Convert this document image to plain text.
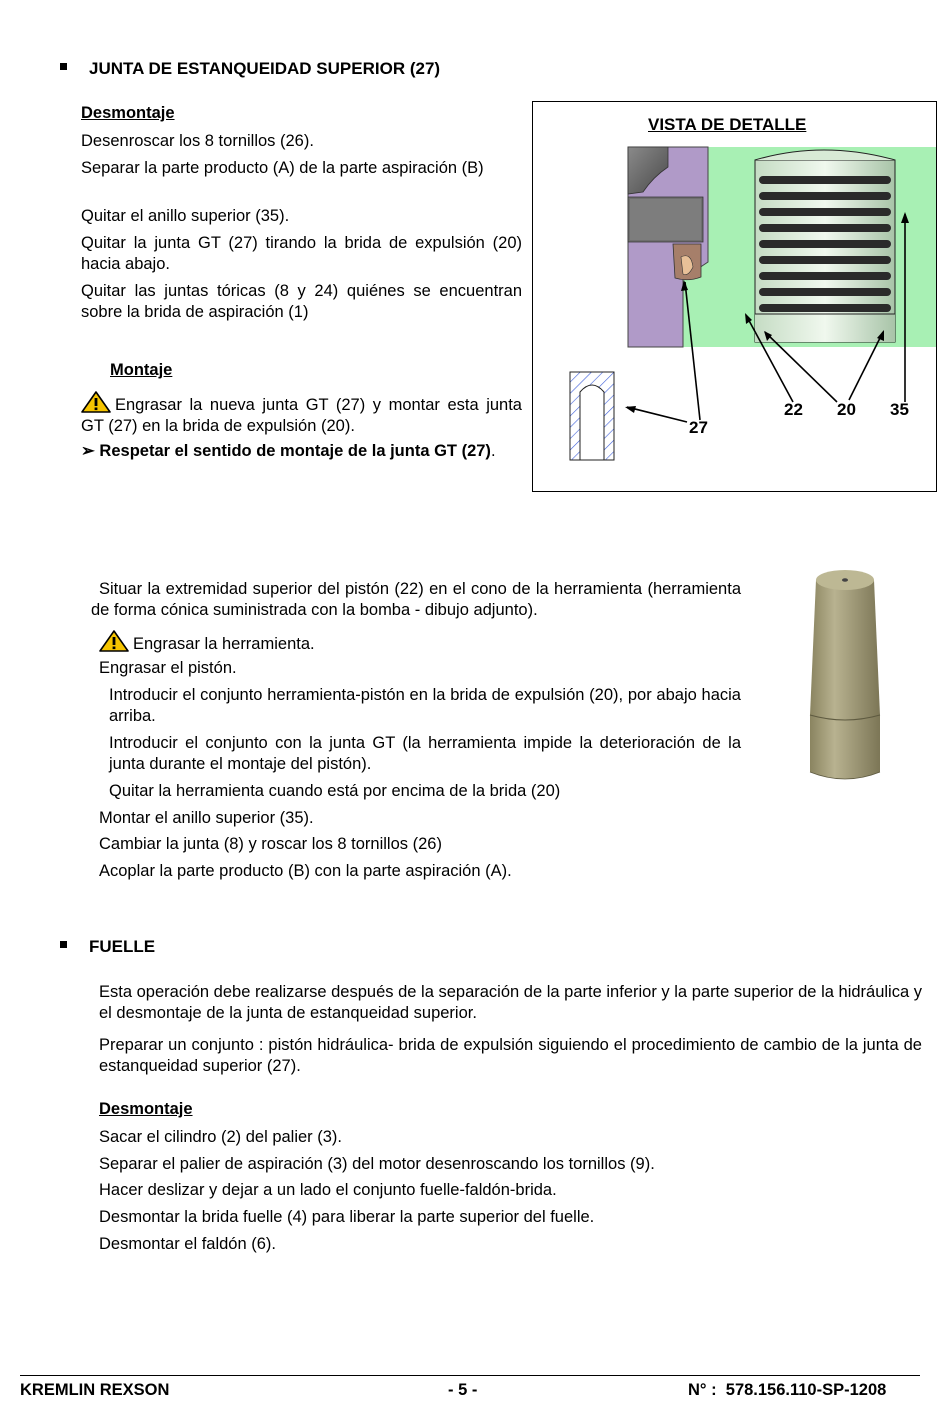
JUNTA DE ESTANQUEIDAD SUPERIOR (27)
Desmontaje
Desenroscar los 8 tornillos (26).
Separar la parte producto (A) de la parte aspiración (B)
Quitar el anillo superior (35).
Quitar la junta GT (27) tirando la brida de expulsión (20) hacia abajo.
Quitar las juntas tóricas (8 y 24) quiénes se encuentran sobre la brida de aspiración (1)
Montaje
Engrasar la nueva junta GT (27) y montar esta junta GT (27) en la brida de expulsión (20).
➢ Respetar el sentido de montaje de la junta GT (27).
VISTA DE DETALLE
27
22 20 35
Situar la extremidad superior del pistón (22) en el cono de la herramienta (herramienta de forma cónica suministrada con la bomba - dibujo adjunto).
Engrasar la herramienta.
Engrasar el pistón.
Introducir el conjunto herramienta-pistón en la brida de expulsión (20), por abajo hacia arriba.
Introducir el conjunto con la junta GT (la herramienta impide la deterioración de la junta durante el montaje del pistón).
Quitar la herramienta cuando está por encima de la brida (20)
Montar el anillo superior (35).
Cambiar la junta (8) y roscar los 8 tornillos (26)
Acoplar la parte producto (B) con la parte aspiración (A).
FUELLE
Esta operación debe realizarse después de la separación de la parte inferior y la parte superior de la hidráulica y el desmontaje de la junta de estanqueidad superior.
Preparar un conjunto : pistón hidráulica- brida de expulsión siguiendo el procedimiento de cambio de la junta de estanqueidad superior (27).
Desmontaje
Sacar el cilindro (2) del palier (3).
Separar el palier de aspiración (3) del motor desenroscando los tornillos (9).
Hacer deslizar y dejar a un lado el conjunto fuelle-faldón-brida.
Desmontar la brida fuelle (4) para liberar la parte superior del fuelle.
Desmontar el faldón (6).
KREMLIN REXSON	- 5 -	N° :  578.156.110-SP-1208
